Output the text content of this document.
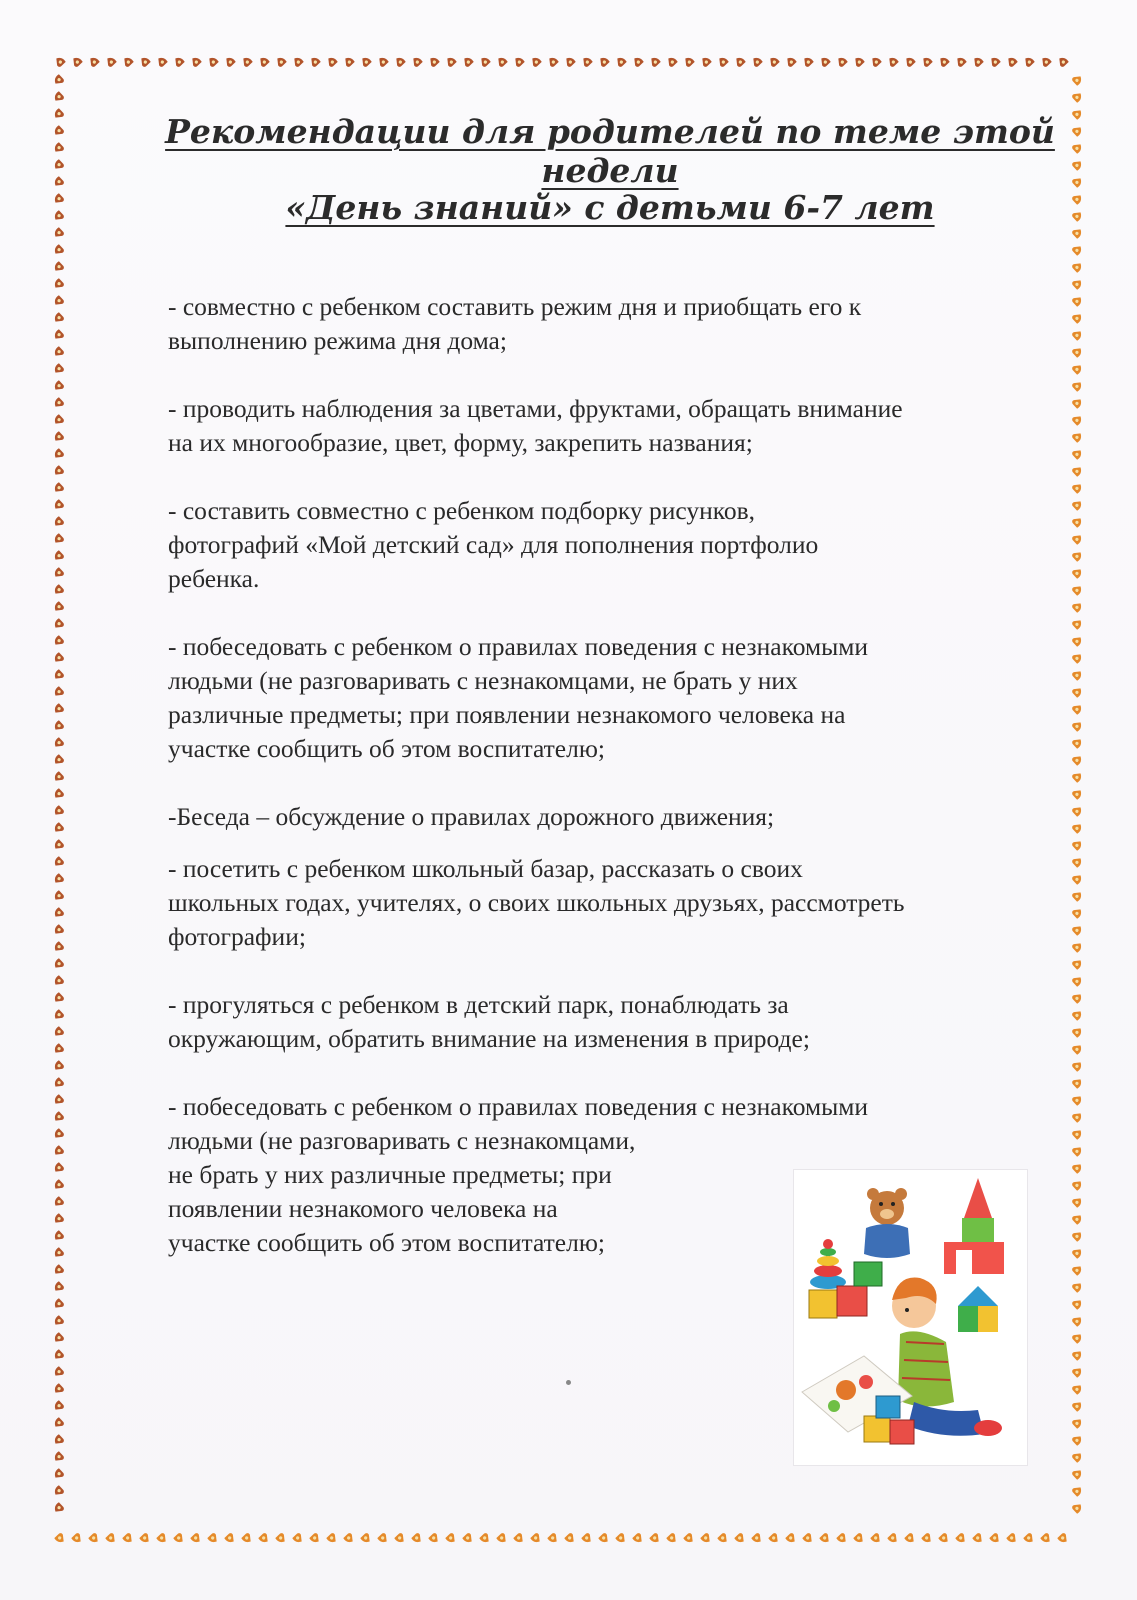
Рекомендации для родителей по теме этой недели
«День знаний» с детьми 6-7 лет

- совместно с ребенком составить режим дня и приобщать его к
выполнению режима дня дома;

- проводить наблюдения за цветами, фруктами, обращать внимание
на их многообразие, цвет, форму, закрепить названия;

- составить совместно с ребенком подборку рисунков,
фотографий «Мой детский сад» для пополнения портфолио
ребенка.

- побеседовать с ребенком о правилах поведения с незнакомыми
людьми (не разговаривать с незнакомцами, не брать у них
различные предметы; при появлении незнакомого человека на
участке сообщить об этом воспитателю;

-Беседа – обсуждение о правилах дорожного движения;

- посетить с ребенком школьный базар, рассказать о своих
школьных годах, учителях, о своих школьных друзьях, рассмотреть
фотографии;

- прогуляться с ребенком в детский парк, понаблюдать за
окружающим, обратить внимание на изменения в природе;

- побеседовать с ребенком о правилах поведения с незнакомыми
людьми (не разговаривать с незнакомцами,
не брать у них различные предметы; при
появлении незнакомого человека на
участке сообщить об этом воспитателю;
